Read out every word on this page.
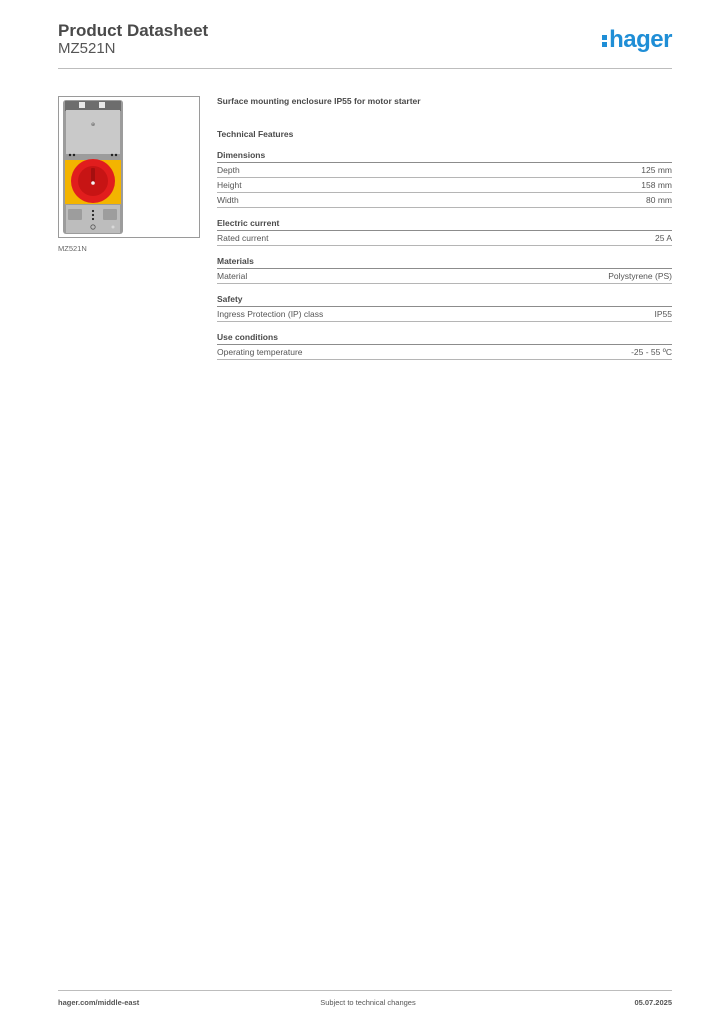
Product Datasheet
MZ521N	hager
⊕
MZ521N
Surface mounting enclosure IP55 for motor starter
Technical Features
Dimensions
Depth	125 mm
Height	158 mm
Width	80 mm
Electric current
Rated current	25 A
Materials
Material	Polystyrene (PS)
Safety
Ingress Protection (IP) class	IP55
Use conditions
Operating temperature	-25 - 55 ºC
hager.com/middle-east	Subject to technical changes	05.07.2025
